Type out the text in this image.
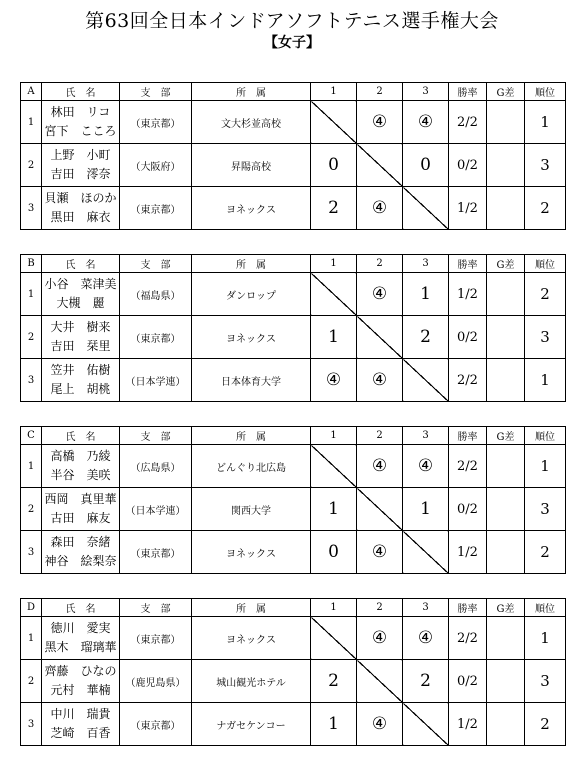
第63回全日本インドアソフトテニス選手権大会
【女子】
A	氏　名	支　部	所　属	1	2	3	勝率	G差	順位
1	林田　リコ
宮下　こころ	（東京都）	文大杉並高校		④	④	2/2		1
2	上野　小町
吉田　澪奈	（大阪府）	昇陽高校	0		0	0/2		3
3	貝瀬　ほのか
黒田　麻衣	（東京都）	ヨネックス	2	④		1/2		2
B	氏　名	支　部	所　属	1	2	3	勝率	G差	順位
1	小谷　菜津美
大槻　麗	（福島県）	ダンロップ		④	1	1/2		2
2	大井　樹来
吉田　栞里	（東京都）	ヨネックス	1		2	0/2		3
3	笠井　佑樹
尾上　胡桃	（日本学連）	日本体育大学	④	④		2/2		1
C	氏　名	支　部	所　属	1	2	3	勝率	G差	順位
1	高橋　乃綾
半谷　美咲	（広島県）	どんぐり北広島		④	④	2/2		1
2	西岡　真里華
古田　麻友	（日本学連）	関西大学	1		1	0/2		3
3	森田　奈緒
神谷　絵梨奈	（東京都）	ヨネックス	0	④		1/2		2
D	氏　名	支　部	所　属	1	2	3	勝率	G差	順位
1	徳川　愛実
黑木　瑠璃華	（東京都）	ヨネックス		④	④	2/2		1
2	齊藤　ひなの
元村　華楠	（鹿児島県）	城山観光ホテル	2		2	0/2		3
3	中川　瑞貴
芝崎　百香	（東京都）	ナガセケンコー	1	④		1/2		2
